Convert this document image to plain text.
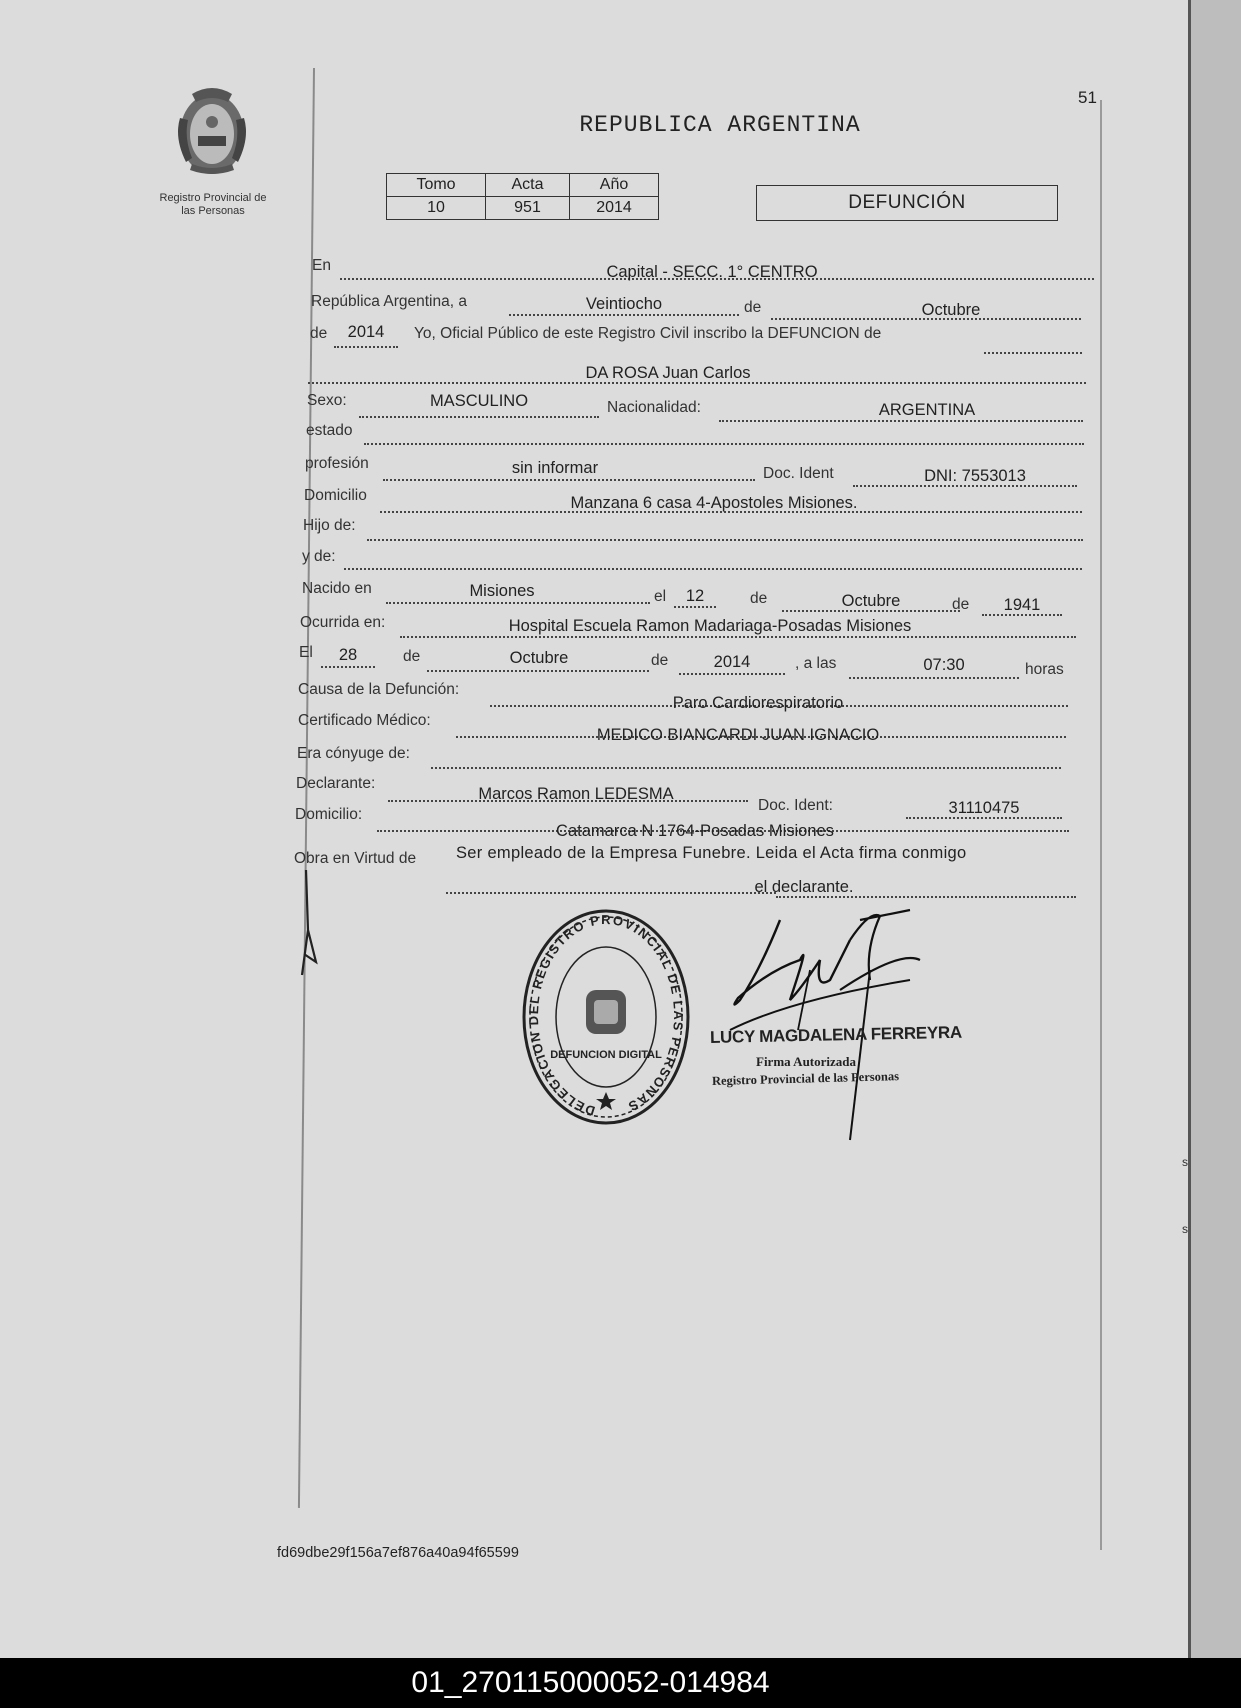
s
s
Registro Provincial de
las Personas
51
REPUBLICA ARGENTINA
Tomo	Acta	Año
10	951	2014	DEFUNCIÓN
En	Capital - SECC. 1° CENTRO
República Argentina, a	Veintiocho	de	Octubre
de	2014	Yo, Oficial Público de este Registro Civil inscribo la DEFUNCION de
DA ROSA Juan Carlos
Sexo:	MASCULINO	Nacionalidad:	ARGENTINA
estado
profesión	sin informar	Doc. Ident	DNI: 7553013
Domicilio	Manzana 6 casa 4-Apostoles Misiones.
Hijo de:
y de:
Nacido en	Misiones	el	12	de	Octubre	de	1941
Ocurrida en:	Hospital Escuela Ramon Madariaga-Posadas Misiones
El	28	de	Octubre	de	2014	, a las	07:30	horas
Causa de la Defunción:
Paro Cardiorespiratorio
Certificado Médico:
MEDICO BIANCARDI JUAN IGNACIO
Era cónyuge de:
Declarante:
Marcos Ramon LEDESMA
Doc. Ident:	31110475
Domicilio:
Catamarca N 1764-Posadas Misiones
Obra en Virtud de Ser empleado de la Empresa Funebre. Leida el Acta firma conmigo
el declarante.
DELEGACION DEL REGISTRO PROVINCIAL DE LAS PERSONAS
DEFUNCION DIGITAL
LUCY MAGDALENA FERREYRA
Firma Autorizada
Registro Provincial de las Personas
fd69dbe29f156a7ef876a40a94f65599
01_270115000052-014984
